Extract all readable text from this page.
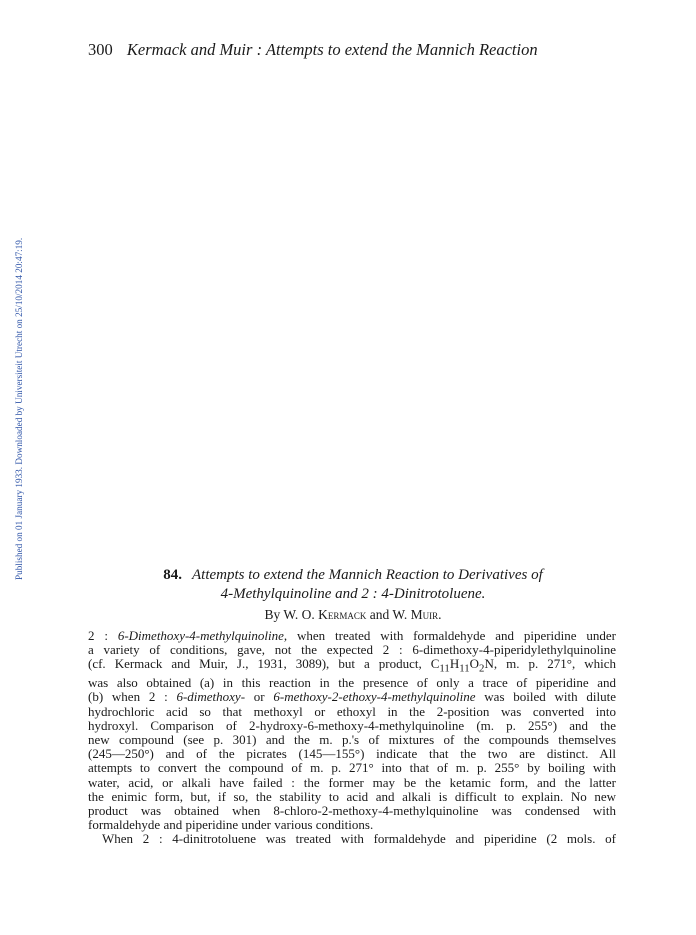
300 Kermack and Muir : Attempts to extend the Mannich Reaction
Published on 01 January 1933. Downloaded by Universiteit Utrecht on 25/10/2014 20:47:19.	84. Attempts to extend the Mannich Reaction to Derivatives of
4-Methylquinoline and 2 : 4-Dinitrotoluene.
By W. O. Kermack and W. Muir.

2 : 6-Dimethoxy-4-methylquinoline, when treated with formaldehyde and piperidine under

a variety of conditions, gave, not the expected 2 : 6-dimethoxy-4-piperidylethylquinoline

(cf. Kermack and Muir, J., 1931, 3089), but a product, $C_{11}H_{11}O_2N$, m. p. 271°, which

was also obtained (a) in this reaction in the presence of only a trace of piperidine and

(b) when 2 : 6-dimethoxy- or 6-methoxy-2-ethoxy-4-methylquinoline was boiled with dilute

hydrochloric acid so that methoxyl or ethoxyl in the 2-position was converted into

hydroxyl. Comparison of 2-hydroxy-6-methoxy-4-methylquinoline (m. p. 255°) and the

new compound (see p. 301) and the m. p.'s of mixtures of the compounds themselves

(245—250°) and of the picrates (145—155°) indicate that the two are distinct. All

attempts to convert the compound of m. p. 271° into that of m. p. 255° by boiling with

water, acid, or alkali have failed : the former may be the ketamic form, and the latter

the enimic form, but, if so, the stability to acid and alkali is difficult to explain. No new

product was obtained when 8-chloro-2-methoxy-4-methylquinoline was condensed with

formaldehyde and piperidine under various conditions.

When 2 : 4-dinitrotoluene was treated with formaldehyde and piperidine (2 mols. of
